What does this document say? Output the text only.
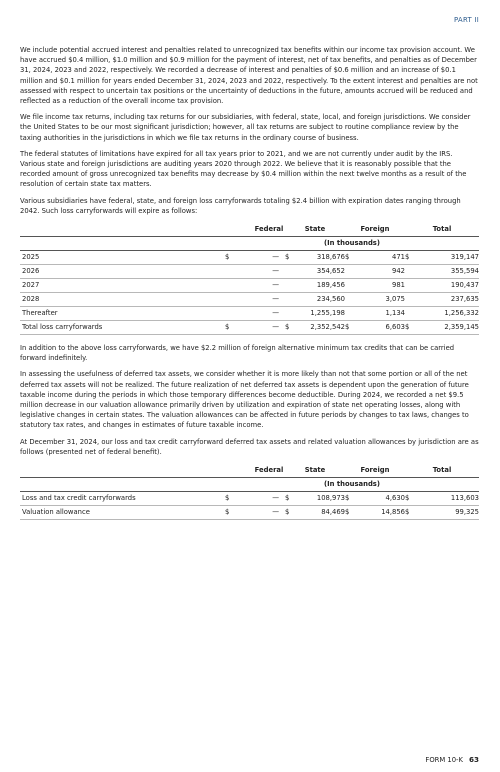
PART II

We include potential accrued interest and penalties related to unrecognized tax benefits within our income tax provision account. We have accrued $0.4 million, $1.0 million and $0.9 million for the payment of interest, net of tax benefits, and penalties as of December 31, 2024, 2023 and 2022, respectively. We recorded a decrease of interest and penalties of $0.6 million and an increase of $0.1 million and $0.1 million for years ended December 31, 2024, 2023 and 2022, respectively. To the extent interest and penalties are not assessed with respect to uncertain tax positions or the uncertainty of deductions in the future, amounts accrued will be reduced and reflected as a reduction of the overall income tax provision.

We file income tax returns, including tax returns for our subsidiaries, with federal, state, local, and foreign jurisdictions. We consider the United States to be our most significant jurisdiction; however, all tax returns are subject to routine compliance review by the taxing authorities in the jurisdictions in which we file tax returns in the ordinary course of business.

The federal statutes of limitations have expired for all tax years prior to 2021, and we are not currently under audit by the IRS. Various state and foreign jurisdictions are auditing years 2020 through 2022. We believe that it is reasonably possible that the recorded amount of gross unrecognized tax benefits may decrease by $0.4 million within the next twelve months as a result of the resolution of certain state tax matters.

Various subsidiaries have federal, state, and foreign loss carryforwards totaling $2.4 billion with expiration dates ranging through 2042. Such loss carryforwards will expire as follows:

	Federal		State		Foreign		Total	
	(In thousands)							
2025	$	—	$	318,676	$	471	$	319,147
2026		—		354,652		942		355,594
2027		—		189,456		981		190,437
2028		—		234,560		3,075		237,635
Thereafter		—		1,255,198		1,134		1,256,332
Total loss carryforwards	$	—	$	2,352,542	$	6,603	$	2,359,145

In addition to the above loss carryforwards, we have $2.2 million of foreign alternative minimum tax credits that can be carried forward indefinitely.

In assessing the usefulness of deferred tax assets, we consider whether it is more likely than not that some portion or all of the net deferred tax assets will not be realized. The future realization of net deferred tax assets is dependent upon the generation of future taxable income during the periods in which those temporary differences become deductible. During 2024, we recorded a net $9.5 million decrease in our valuation allowance primarily driven by utilization and expiration of state net operating losses, along with legislative changes in certain states. The valuation allowances can be affected in future periods by changes to tax laws, changes to statutory tax rates, and changes in estimates of future taxable income.

At December 31, 2024, our loss and tax credit carryforward deferred tax assets and related valuation allowances by jurisdiction are as follows (presented net of federal benefit).

	Federal		State		Foreign		Total	
	(In thousands)							
Loss and tax credit carryforwards	$	—	$	108,973	$	4,630	$	113,603
Valuation allowance	$	—	$	84,469	$	14,856	$	99,325
FORM 10-K 63
